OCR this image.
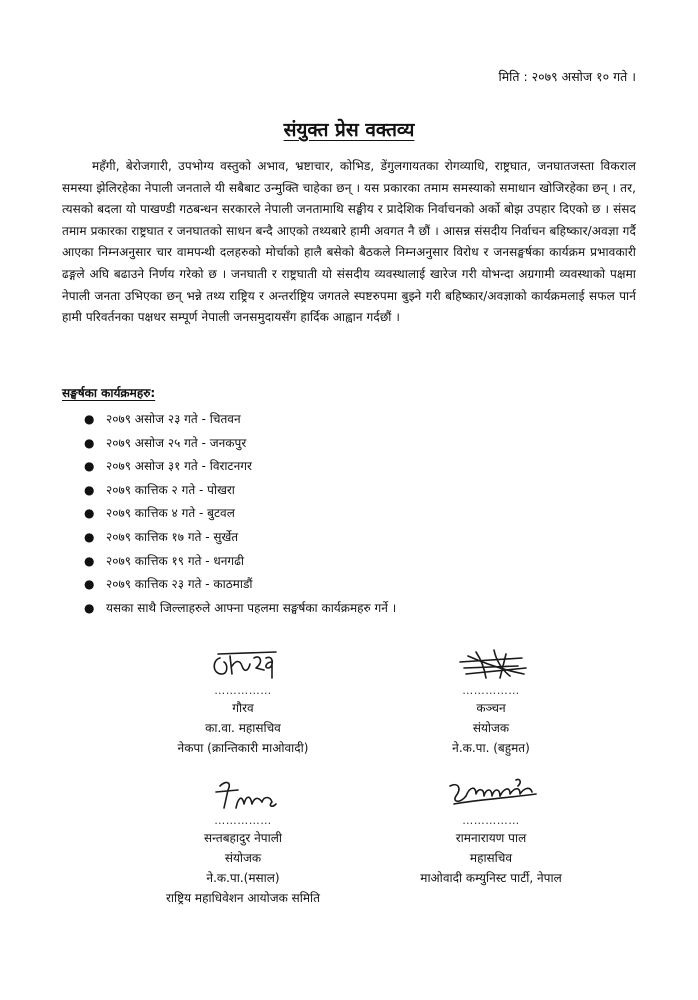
मिति : २०७९ असोज १० गते ।
संयुक्त प्रेस वक्तव्य
महँगी, बेरोजगारी, उपभोग्य वस्तुको अभाव, भ्रष्टाचार, कोभिड, डेंगुलगायतका रोगव्याधि, राष्ट्रघात, जनघातजस्ता विकराल समस्या झेलिरहेका नेपाली जनताले यी सबैबाट उन्मुक्ति चाहेका छन् । यस प्रकारका तमाम समस्याको समाधान खोजिरहेका छन् । तर, त्यसको बदला यो पाखण्डी गठबन्धन सरकारले नेपाली जनतामाथि सङ्घीय र प्रादेशिक निर्वाचनको अर्को बोझ उपहार दिएको छ । संसद तमाम प्रकारका राष्ट्रघात र जनघातको साधन बन्दै आएको तथ्यबारे हामी अवगत नै छौं । आसन्न संसदीय निर्वाचन बहिष्कार/अवज्ञा गर्दै आएका निम्नअनुसार चार वामपन्थी दलहरुको मोर्चाको हालै बसेको बैठकले निम्नअनुसार विरोध र जनसङ्घर्षका कार्यक्रम प्रभावकारी ढङ्गले अघि बढाउने निर्णय गरेको छ । जनघाती र राष्ट्रघाती यो संसदीय व्यवस्थालाई खारेज गरी योभन्दा अग्रगामी व्यवस्थाको पक्षमा नेपाली जनता उभिएका छन् भन्ने तथ्य राष्ट्रिय र अन्तर्राष्ट्रिय जगतले स्पष्टरुपमा बुझ्ने गरी बहिष्कार/अवज्ञाको कार्यक्रमलाई सफल पार्न हामी परिवर्तनका पक्षधर सम्पूर्ण नेपाली जनसमुदायसँग हार्दिक आह्वान गर्दछौं ।
सङ्घर्षका कार्यक्रमहरु:
● २०७९ असोज २३ गते - चितवन
● २०७९ असोज २५ गते - जनकपुर
● २०७९ असोज ३१ गते - विराटनगर
● २०७९ कात्तिक २ गते - पोखरा
● २०७९ कात्तिक ४ गते - बुटवल
● २०७९ कात्तिक १७ गते - सुर्खेत
● २०७९ कात्तिक १९ गते - धनगढी
● २०७९ कात्तिक २३ गते - काठमाडौं
● यसका साथै जिल्लाहरुले आफ्ना पहलमा सङ्घर्षका कार्यक्रमहरु गर्ने ।
……………
गौरव
का.वा. महासचिव
नेकपा (क्रान्तिकारी माओवादी)
……………
कञ्चन
संयोजक
ने.क.पा. (बहुमत)
……………
सन्तबहादुर नेपाली
संयोजक
ने.क.पा.(मसाल)
राष्ट्रिय महाधिवेशन आयोजक समिति
……………
रामनारायण पाल
महासचिव
माओवादी कम्युनिस्ट पार्टी, नेपाल
